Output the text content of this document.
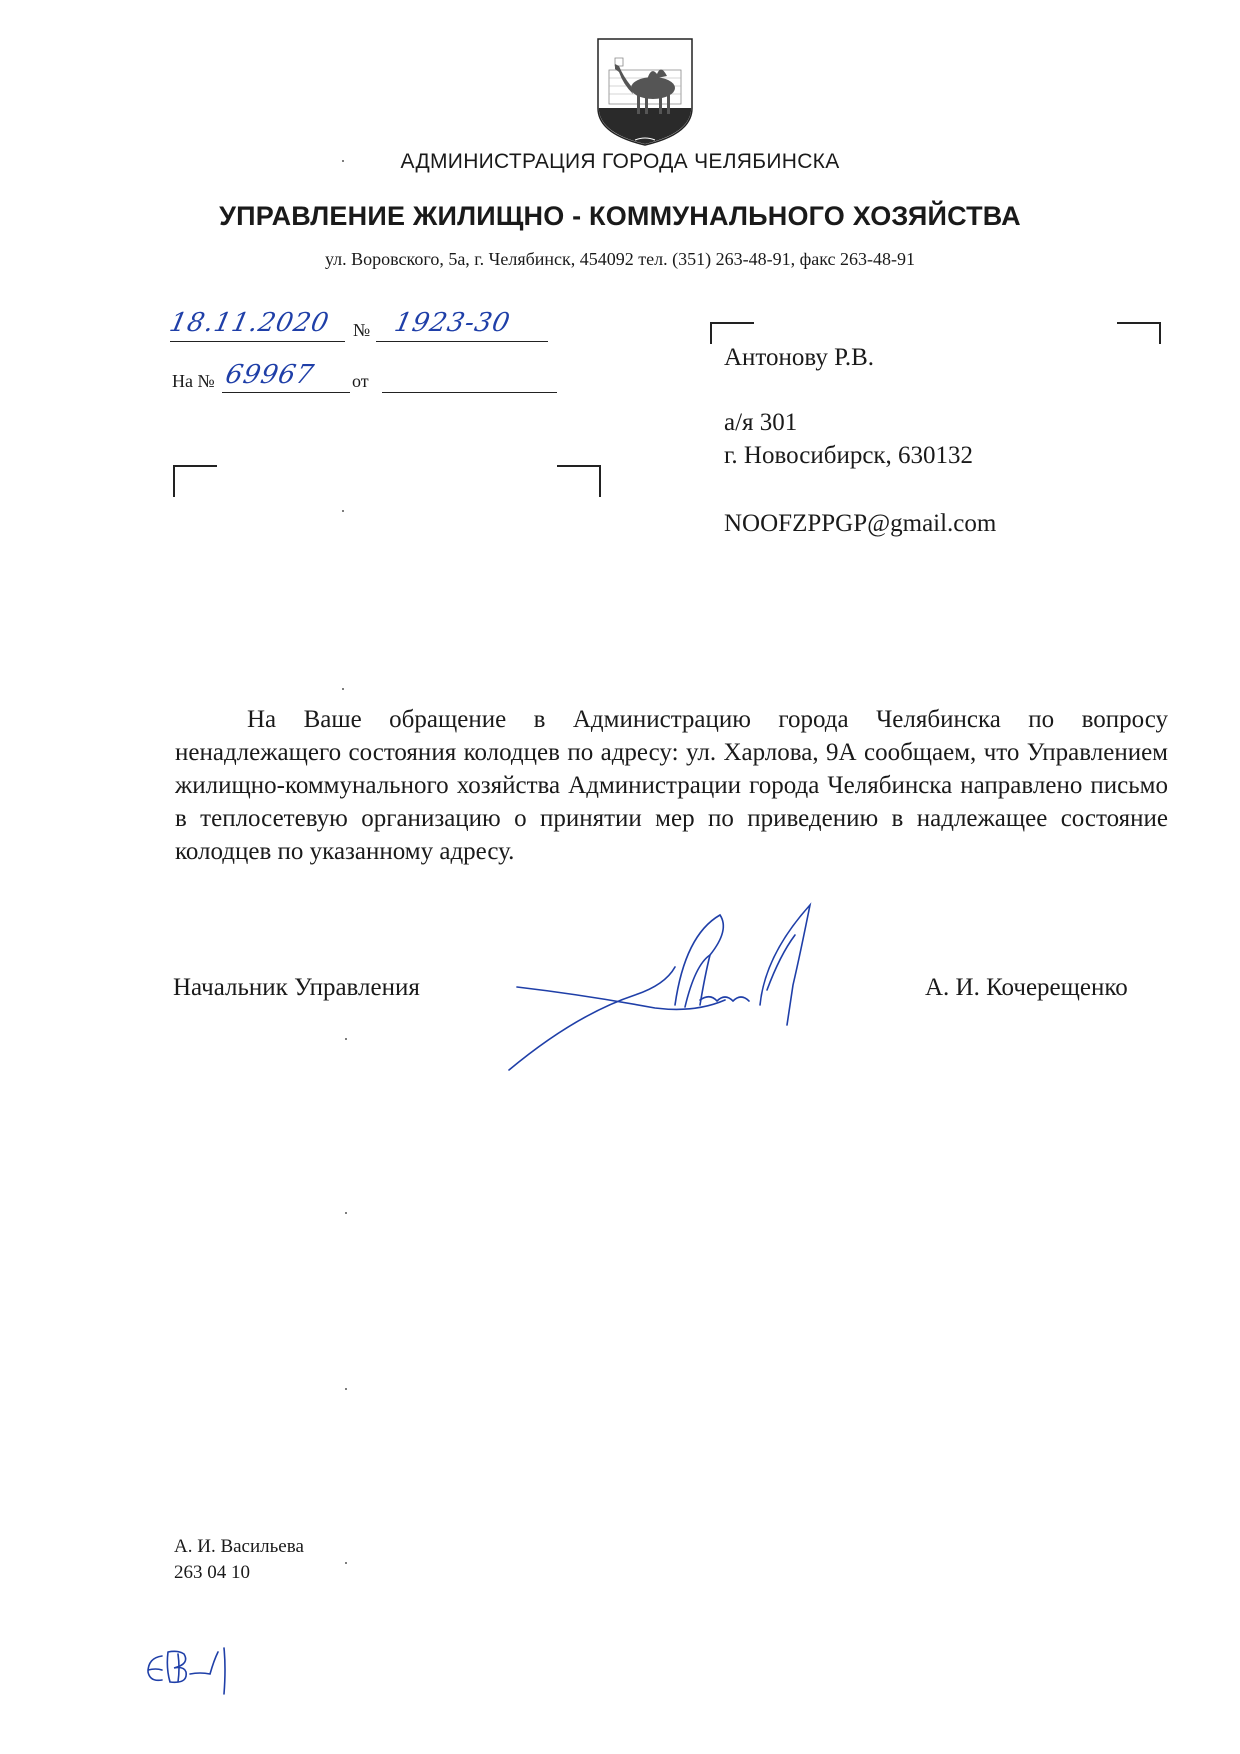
АДМИНИСТРАЦИЯ ГОРОДА ЧЕЛЯБИНСКА
УПРАВЛЕНИЕ ЖИЛИЩНО - КОММУНАЛЬНОГО ХОЗЯЙСТВА
ул. Воровского, 5а, г. Челябинск, 454092 тел. (351) 263-48-91, факс 263-48-91
18.11.2020 № 1923-30
На № 69967 от
Антонову Р.В.
а/я 301
г. Новосибирск, 630132
NOOFZPPGP@gmail.com

На Ваше обращение в Администрацию города Челябинска по вопросу ненадлежащего состояния колодцев по адресу: ул. Харлова, 9А сообщаем, что Управлением жилищно-коммунального хозяйства Администрации города Челябинска направлено письмо в теплосетевую организацию о принятии мер по приведению в надлежащее состояние колодцев по указанному адресу.

Начальник Управления	А. И. Кочерещенко
А. И. Васильева
263 04 10
